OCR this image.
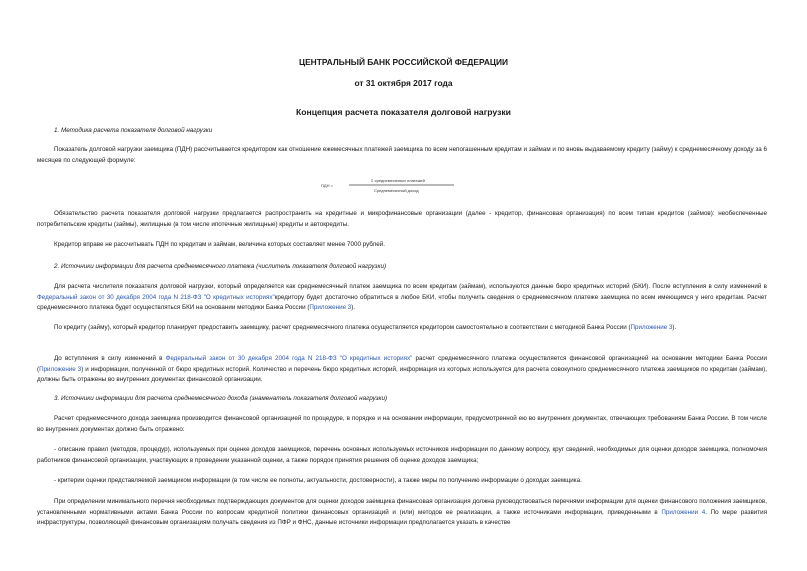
ЦЕНТРАЛЬНЫЙ БАНК РОССИЙСКОЙ ФЕДЕРАЦИИ
от 31 октября 2017 года
Концепция расчета показателя долговой нагрузки

1. Методика расчета показателя долговой нагрузки

Показатель долговой нагрузки заемщика (ПДН) рассчитывается кредитором как отношение ежемесячных платежей заемщика по всем непогашенным кредитам и займам и по вновь выдаваемому кредиту (займу) к среднемесячному доходу за 6 месяцев по следующей формуле:

ПДН =
Σ среднемесячных платежей
Среднемесячный доход

Обязательство расчета показателя долговой нагрузки предлагается распространить на кредитные и микрофинансовые организации (далее - кредитор, финансовая организация) по всем типам кредитов (займов): необеспеченные потребительские кредиты (займы), жилищные (в том числе ипотечные жилищные) кредиты и автокредиты.

Кредитор вправе не рассчитывать ПДН по кредитам и займам, величина которых составляет менее 7000 рублей.

2. Источники информации для расчета среднемесячного платежа (числитель показателя долговой нагрузки)

Для расчета числителя показателя долговой нагрузки, который определяется как среднемесячный платеж заемщика по всем кредитам (займам), используются данные бюро кредитных историй (БКИ). После вступления в силу изменений в Федеральный закон от 30 декабря 2004 года N 218-ФЗ "О кредитных историях"кредитору будет достаточно обратиться в любое БКИ, чтобы получить сведения о среднемесячном платеже заемщика по всем имеющимся у него кредитам. Расчет среднемесячного платежа будет осуществляться БКИ на основании методики Банка России (Приложение 3).

По кредиту (займу), который кредитор планирует предоставить заемщику, расчет среднемесячного платежа осуществляется кредитором самостоятельно в соответствии с методикой Банка России (Приложение 3).

До вступления в силу изменений в Федеральный закон от 30 декабря 2004 года N 218-ФЗ "О кредитных историях" расчет среднемесячного платежа осуществляется финансовой организацией на основании методики Банка России (Приложение 3) и информации, полученной от бюро кредитных историй. Количество и перечень бюро кредитных историй, информация из которых используется для расчета совокупного среднемесячного платежа заемщиков по кредитам (займам), должны быть отражены во внутренних документах финансовой организации.

3. Источники информации для расчета среднемесячного дохода (знаменатель показателя долговой нагрузки)

Расчет среднемесячного дохода заемщика производится финансовой организацией по процедуре, в порядке и на основании информации, предусмотренной ею во внутренних документах, отвечающих требованиям Банка России. В том числе во внутренних документах должно быть отражено:

- описание правил (методов, процедур), используемых при оценке доходов заемщиков, перечень основных используемых источников информации по данному вопросу, круг сведений, необходимых для оценки доходов заемщика, полномочия работников финансовой организации, участвующих в проведении указанной оценки, а также порядок принятия решения об оценке доходов заемщика;

- критерии оценки представляемой заемщиком информации (в том числе ее полноты, актуальности, достоверности), а также меры по получению информации о доходах заемщика.

При определении минимального перечня необходимых подтверждающих документов для оценки доходов заемщика финансовая организация должна руководствоваться перечнями информации для оценки финансового положения заемщиков, установленными нормативными актами Банка России по вопросам кредитной политики финансовых организаций и (или) методов ее реализации, а также источниками информации, приведенными в Приложении 4. По мере развития инфраструктуры, позволяющей финансовым организациям получать сведения из ПФР и ФНС, данные источники информации предполагается указать в качестве
